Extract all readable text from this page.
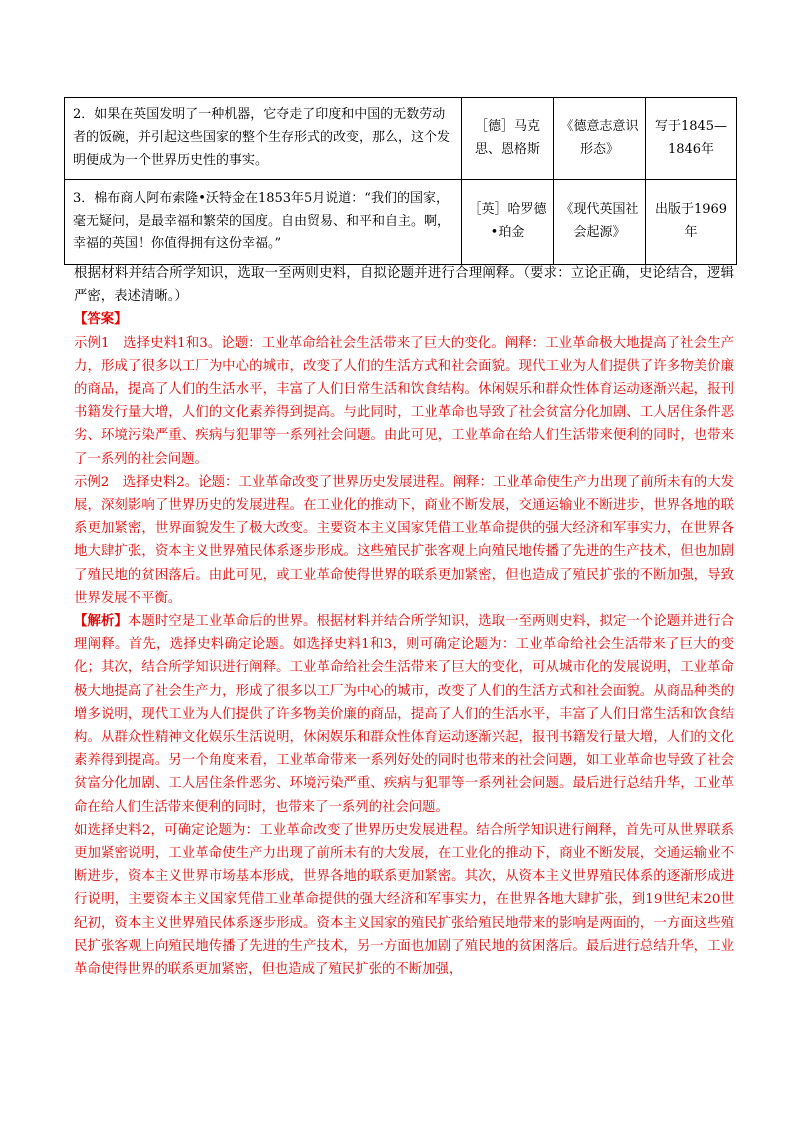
2．如果在英国发明了一种机器，它夺走了印度和中国的无数劳动者的饭碗，并引起这些国家的整个生存形式的改变，那么，这个发明便成为一个世界历史性的事实。	［德］马克思、恩格斯	《德意志意识形态》	写于1845—1846年
3．棉布商人阿布索隆•沃特金在1853年5月说道：“我们的国家，毫无疑问，是最幸福和繁荣的国度。自由贸易、和平和自主。啊，幸福的英国！你值得拥有这份幸福。”	［英］哈罗德•珀金	《现代英国社会起源》	出版于1969年

根据材料并结合所学知识，选取一至两则史料，自拟论题并进行合理阐释。（要求：立论正确，史论结合，逻辑严密，表述清晰。）

【答案】

示例1　选择史料1和3。论题：工业革命给社会生活带来了巨大的变化。阐释：工业革命极大地提高了社会生产力，形成了很多以工厂为中心的城市，改变了人们的生活方式和社会面貌。现代工业为人们提供了许多物美价廉的商品，提高了人们的生活水平，丰富了人们日常生活和饮食结构。休闲娱乐和群众性体育运动逐渐兴起，报刊书籍发行量大增，人们的文化素养得到提高。与此同时，工业革命也导致了社会贫富分化加剧、工人居住条件恶劣、环境污染严重、疾病与犯罪等一系列社会问题。由此可见，工业革命在给人们生活带来便利的同时，也带来了一系列的社会问题。

示例2　选择史料2。论题：工业革命改变了世界历史发展进程。阐释：工业革命使生产力出现了前所未有的大发展，深刻影响了世界历史的发展进程。在工业化的推动下，商业不断发展，交通运输业不断进步，世界各地的联系更加紧密，世界面貌发生了极大改变。主要资本主义国家凭借工业革命提供的强大经济和军事实力，在世界各地大肆扩张，资本主义世界殖民体系逐步形成。这些殖民扩张客观上向殖民地传播了先进的生产技术，但也加剧了殖民地的贫困落后。由此可见，或工业革命使得世界的联系更加紧密，但也造成了殖民扩张的不断加强，导致世界发展不平衡。

【解析】本题时空是工业革命后的世界。根据材料并结合所学知识，选取一至两则史料，拟定一个论题并进行合理阐释。首先，选择史料确定论题。如选择史料1和3，则可确定论题为：工业革命给社会生活带来了巨大的变化；其次，结合所学知识进行阐释。工业革命给社会生活带来了巨大的变化，可从城市化的发展说明，工业革命极大地提高了社会生产力，形成了很多以工厂为中心的城市，改变了人们的生活方式和社会面貌。从商品种类的增多说明，现代工业为人们提供了许多物美价廉的商品，提高了人们的生活水平，丰富了人们日常生活和饮食结构。从群众性精神文化娱乐生活说明，休闲娱乐和群众性体育运动逐渐兴起，报刊书籍发行量大增，人们的文化素养得到提高。另一个角度来看，工业革命带来一系列好处的同时也带来的社会问题，如工业革命也导致了社会贫富分化加剧、工人居住条件恶劣、环境污染严重、疾病与犯罪等一系列社会问题。最后进行总结升华，工业革命在给人们生活带来便利的同时，也带来了一系列的社会问题。

如选择史料2，可确定论题为：工业革命改变了世界历史发展进程。结合所学知识进行阐释，首先可从世界联系更加紧密说明，工业革命使生产力出现了前所未有的大发展，在工业化的推动下，商业不断发展，交通运输业不断进步，资本主义世界市场基本形成，世界各地的联系更加紧密。其次，从资本主义世界殖民体系的逐渐形成进行说明，主要资本主义国家凭借工业革命提供的强大经济和军事实力，在世界各地大肆扩张，到19世纪末20世纪初，资本主义世界殖民体系逐步形成。资本主义国家的殖民扩张给殖民地带来的影响是两面的，一方面这些殖民扩张客观上向殖民地传播了先进的生产技术，另一方面也加剧了殖民地的贫困落后。最后进行总结升华，工业革命使得世界的联系更加紧密，但也造成了殖民扩张的不断加强，
